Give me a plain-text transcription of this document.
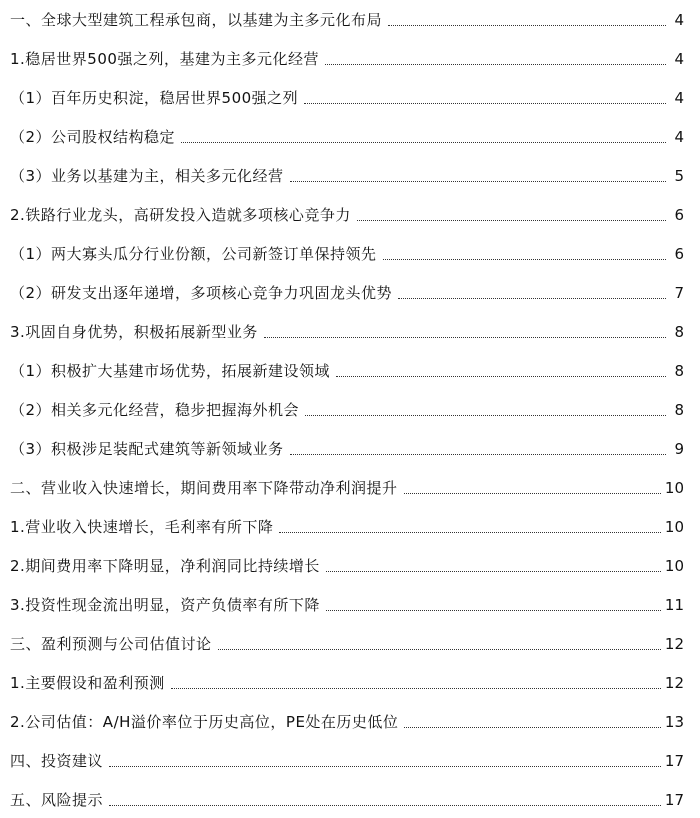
一、全球大型建筑工程承包商，以基建为主多元化布局	4
1.稳居世界500强之列，基建为主多元化经营	4
（1）百年历史积淀，稳居世界500强之列	4
（2）公司股权结构稳定	4
（3）业务以基建为主，相关多元化经营	5
2.铁路行业龙头，高研发投入造就多项核心竞争力	6
（1）两大寡头瓜分行业份额，公司新签订单保持领先	6
（2）研发支出逐年递增，多项核心竞争力巩固龙头优势	7
3.巩固自身优势，积极拓展新型业务	8
（1）积极扩大基建市场优势，拓展新建设领域	8
（2）相关多元化经营，稳步把握海外机会	8
（3）积极涉足装配式建筑等新领域业务	9
二、营业收入快速增长，期间费用率下降带动净利润提升	10
1.营业收入快速增长，毛利率有所下降	10
2.期间费用率下降明显，净利润同比持续增长	10
3.投资性现金流出明显，资产负债率有所下降	11
三、盈利预测与公司估值讨论	12
1.主要假设和盈利预测	12
2.公司估值：A/H溢价率位于历史高位，PE处在历史低位	13
四、投资建议	17
五、风险提示	17
